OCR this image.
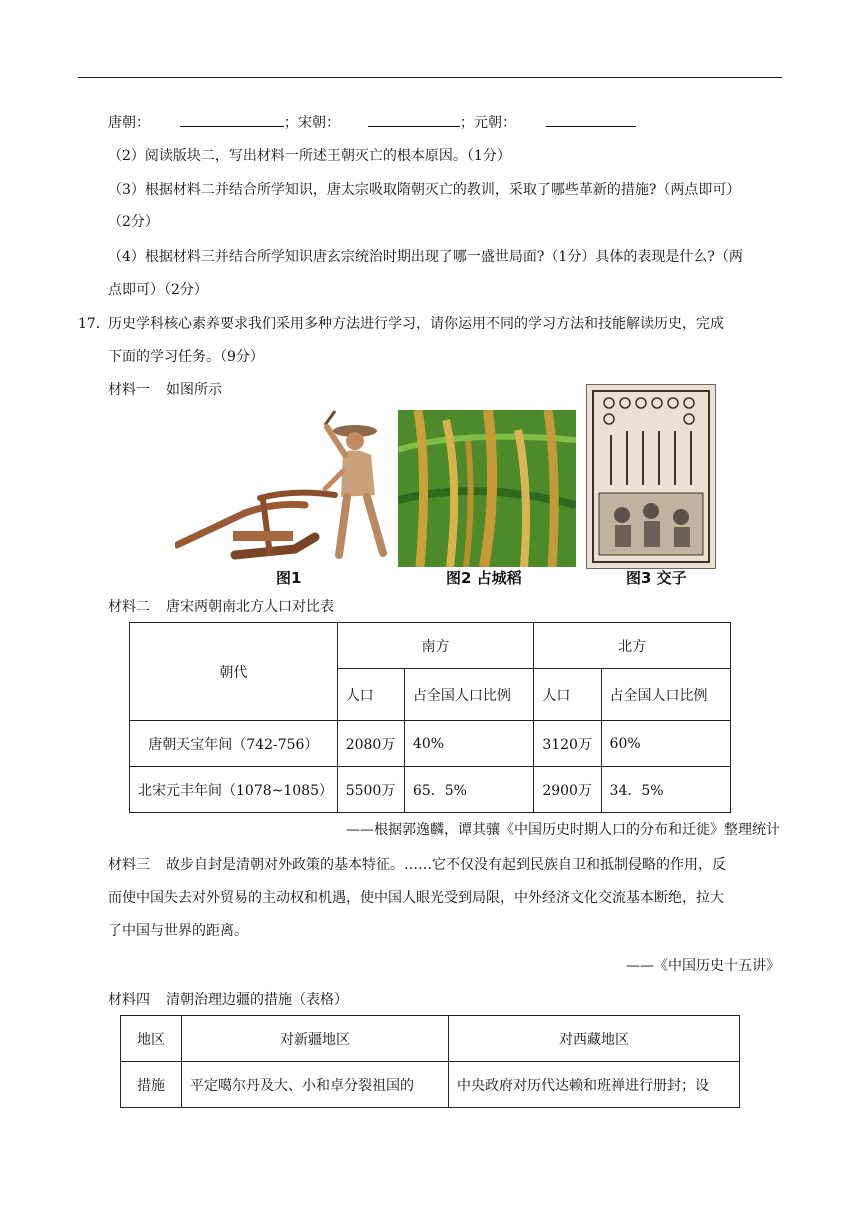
唐朝：	；宋朝：	；元朝：
（2）阅读版块二，写出材料一所述王朝灭亡的根本原因。（1分）
（3）根据材料二并结合所学知识，唐太宗吸取隋朝灭亡的教训，采取了哪些革新的措施?（两点即可）
（2分）
（4）根据材料三并结合所学知识唐玄宗统治时期出现了哪一盛世局面?（1分）具体的表现是什么?（两
点即可）（2分）
17．
历史学科核心素养要求我们采用多种方法进行学习，请你运用不同的学习方法和技能解读历史，完成
下面的学习任务。（9分）
材料一 如图所示
图1	图2 占城稻	图3 交子
材料二 唐宋两朝南北方人口对比表
朝代	南方		北方	
	人口	占全国人口比例	人口	占全国人口比例
唐朝天宝年间（742-756）	2080万	40%	3120万	60%
北宋元丰年间（1078~1085）	5500万	65．5%	2900万	34．5%
——根据郭逸麟，谭其骧《中国历史时期人口的分布和迁徙》整理统计
材料三 故步自封是清朝对外政策的基本特征。……它不仅没有起到民族自卫和抵制侵略的作用，反
而使中国失去对外贸易的主动权和机遇，使中国人眼光受到局限，中外经济文化交流基本断绝，拉大
了中国与世界的距离。
——《中国历史十五讲》
材料四 清朝治理边疆的措施（表格）
地区	对新疆地区	对西藏地区
措施	平定噶尔丹及大、小和卓分裂祖国的	中央政府对历代达赖和班禅进行册封；设
